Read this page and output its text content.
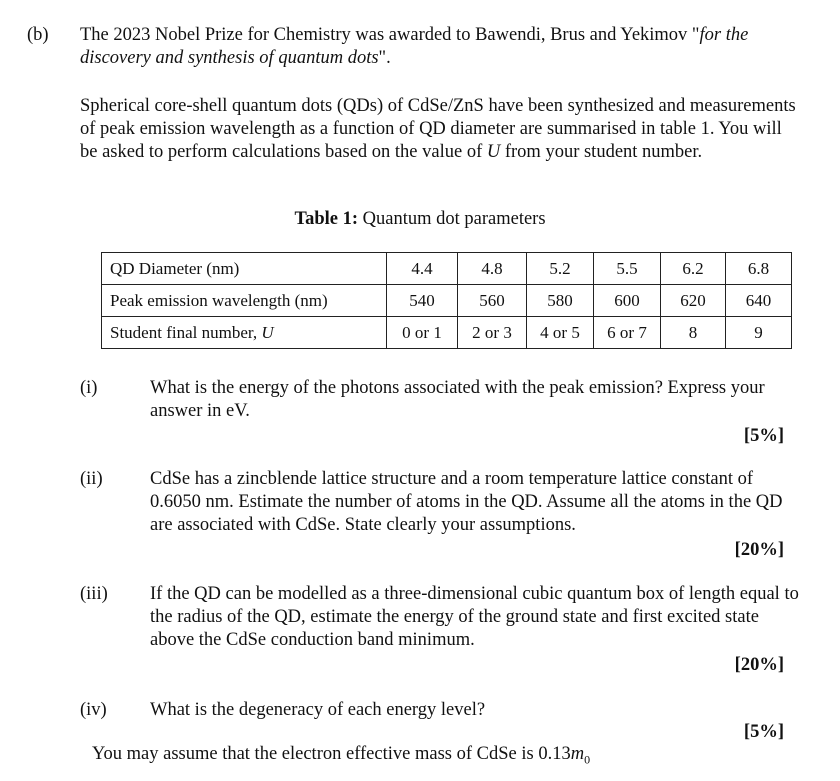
(b) The 2023 Nobel Prize for Chemistry was awarded to Bawendi, Brus and Yekimov "for the discovery and synthesis of quantum dots".
Spherical core-shell quantum dots (QDs) of CdSe/ZnS have been synthesized and measurements of peak emission wavelength as a function of QD diameter are summarised in table 1. You will be asked to perform calculations based on the value of U from your student number.
Table 1: Quantum dot parameters
QD Diameter (nm)	4.4	4.8	5.2	5.5	6.2	6.8
Peak emission wavelength (nm)	540	560	580	600	620	640
Student final number, U	0 or 1	2 or 3	4 or 5	6 or 7	8	9
(i)	What is the energy of the photons associated with the peak emission? Express your answer in eV.
[5%]
(ii)	CdSe has a zincblende lattice structure and a room temperature lattice constant of 0.6050 nm. Estimate the number of atoms in the QD. Assume all the atoms in the QD are associated with CdSe. State clearly your assumptions.
[20%]
(iii)	If the QD can be modelled as a three-dimensional cubic quantum box of length equal to the radius of the QD, estimate the energy of the ground state and first excited state above the CdSe conduction band minimum.
[20%]
(iv)	What is the degeneracy of each energy level?
[5%]
You may assume that the electron effective mass of CdSe is $0.13m_0$
